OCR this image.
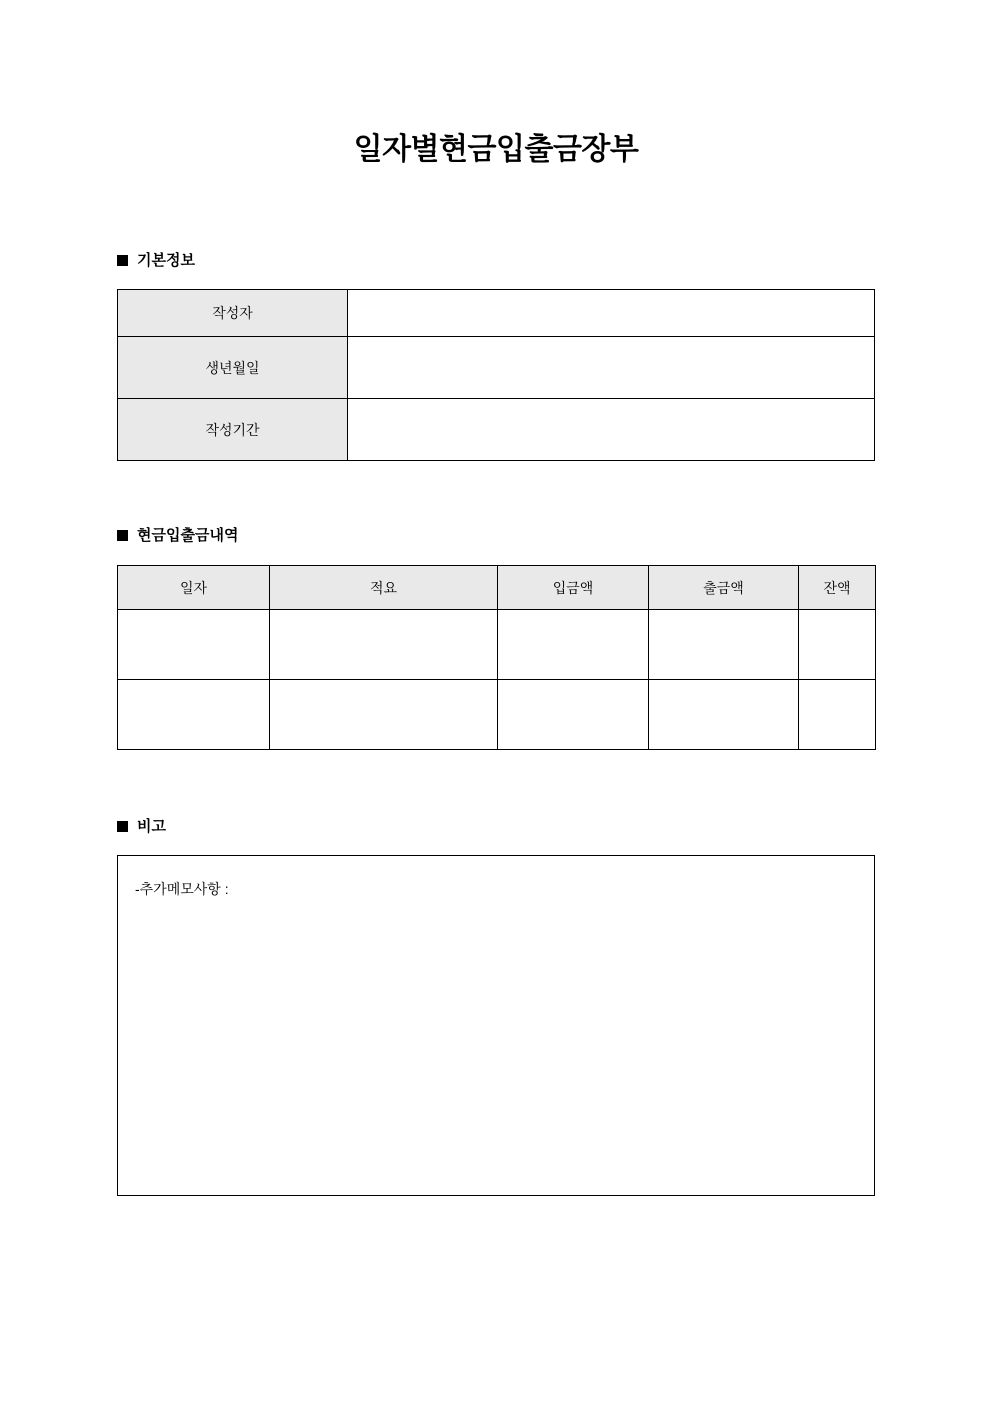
일자별현금입출금장부
기본정보
작성자	
생년월일	
작성기간	
현금입출금내역
일자	적요	입금액	출금액	잔액

비고
-추가메모사항 :
